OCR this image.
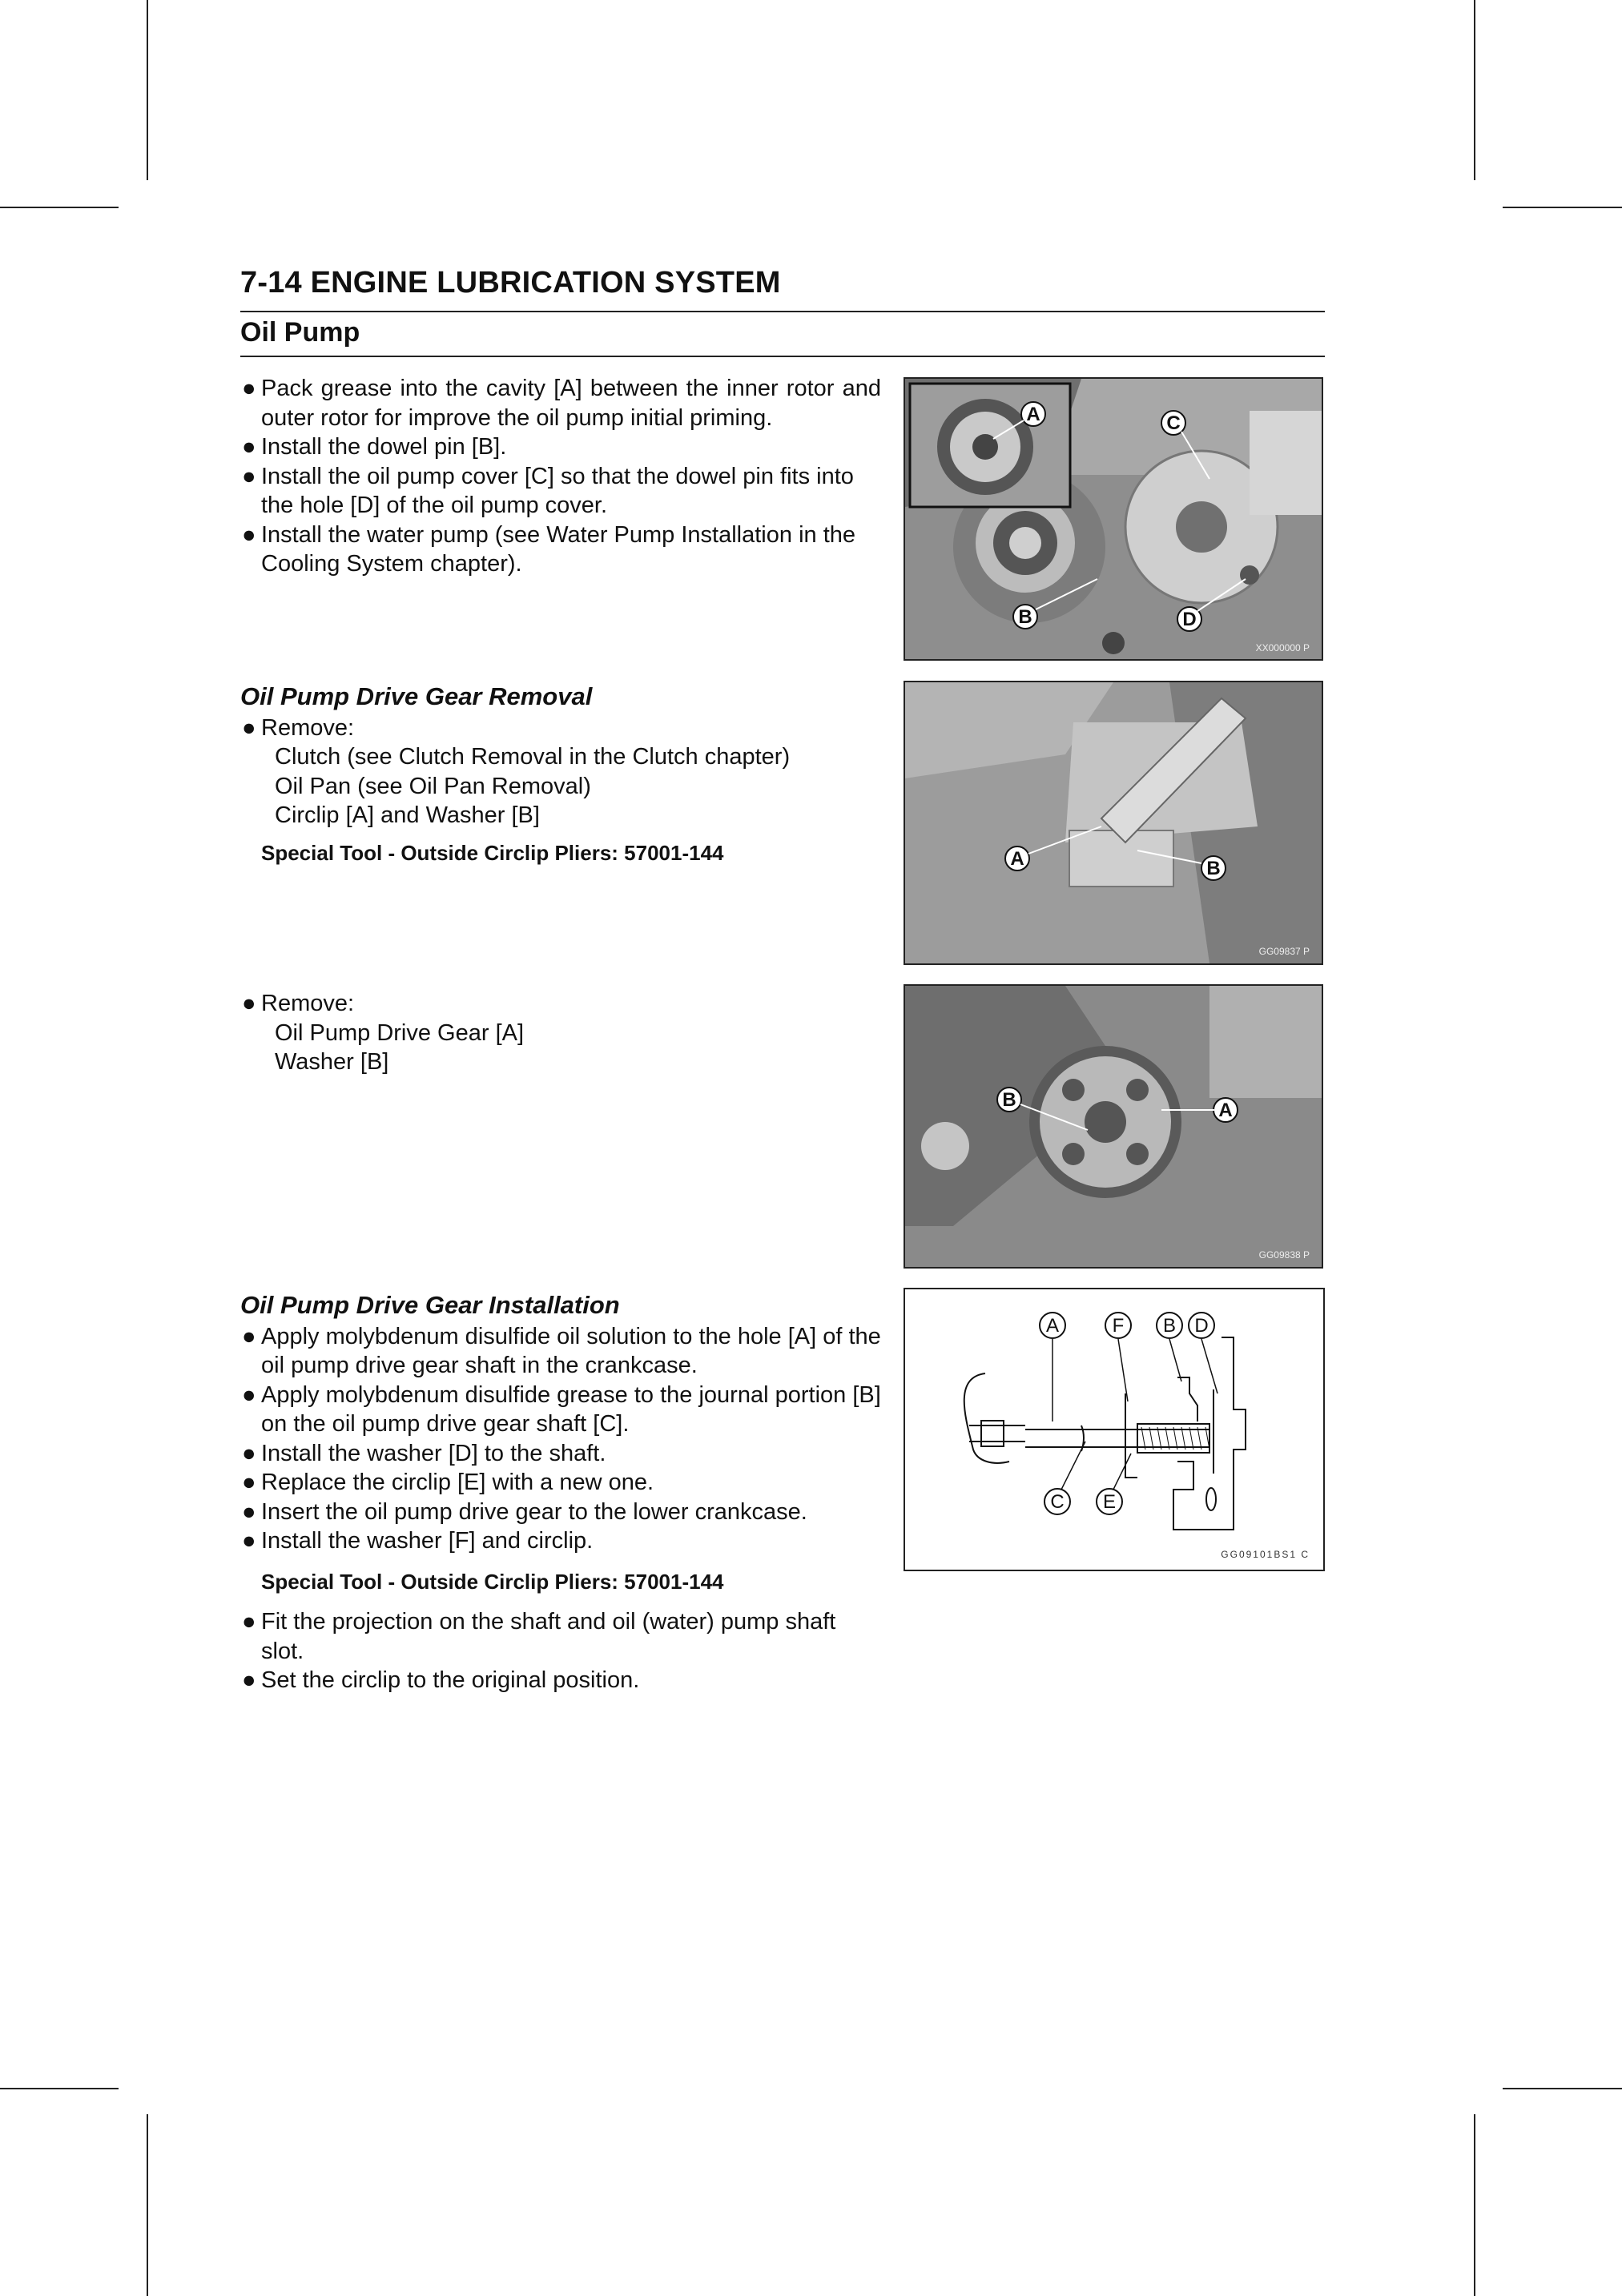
7-14 ENGINE LUBRICATION SYSTEM
Oil Pump
● Pack grease into the cavity [A] between the inner rotor and outer rotor for improve the oil pump initial priming.
● Install the dowel pin [B].
● Install the oil pump cover [C] so that the dowel pin fits into the hole [D] of the oil pump cover.
● Install the water pump (see Water Pump Installation in the Cooling System chapter).
Oil Pump Drive Gear Removal
● Remove:
Clutch (see Clutch Removal in the Clutch chapter)
Oil Pan (see Oil Pan Removal)
Circlip [A] and Washer [B]
Special Tool - Outside Circlip Pliers: 57001-144
● Remove:
Oil Pump Drive Gear [A]
Washer [B]
Oil Pump Drive Gear Installation
● Apply molybdenum disulfide oil solution to the hole [A] of the oil pump drive gear shaft in the crankcase.
● Apply molybdenum disulfide grease to the journal portion [B] on the oil pump drive gear shaft [C].
● Install the washer [D] to the shaft.
● Replace the circlip [E] with a new one.
● Insert the oil pump drive gear to the lower crankcase.
● Install the washer [F] and circlip.
Special Tool - Outside Circlip Pliers: 57001-144
● Fit the projection on the shaft and oil (water) pump shaft slot.
● Set the circlip to the original position.
A
B
C
D
XX000000 P
A	B
GG09837 P
B	A
GG09838 P
A	F B D
C E
GG09101BS1 C
